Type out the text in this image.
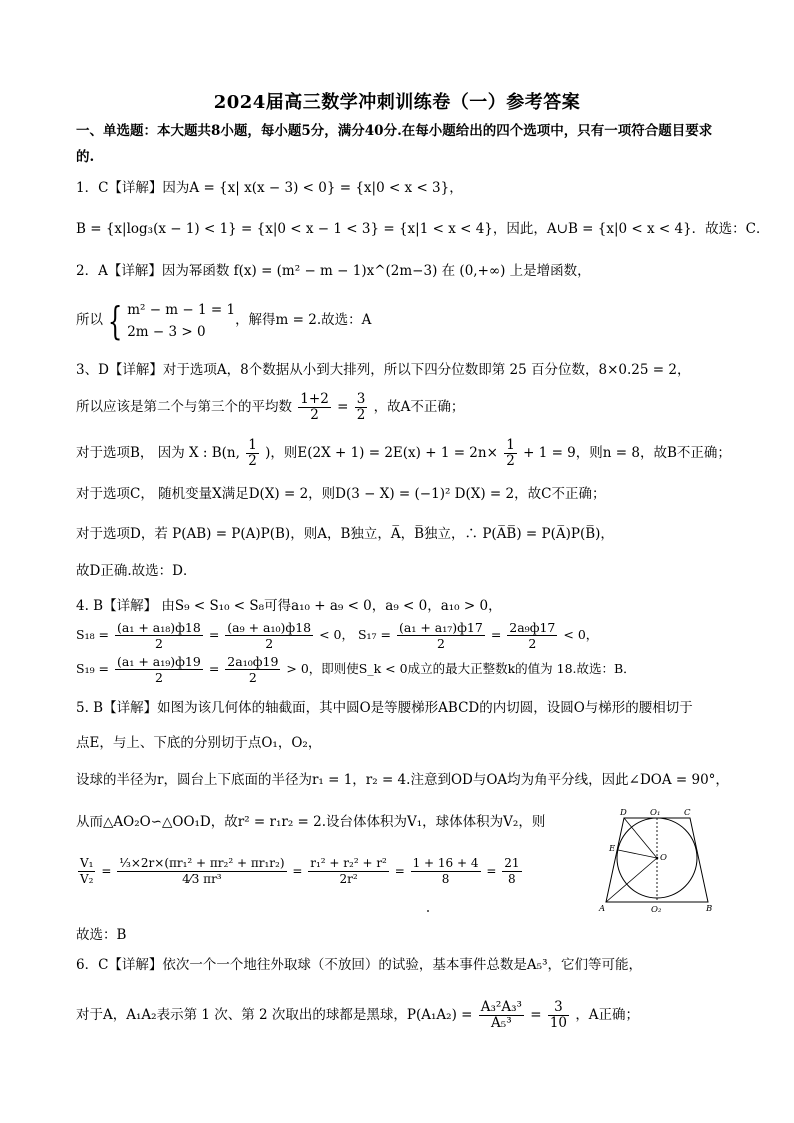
2024届高三数学冲刺训练卷（一）参考答案
一、单选题：本大题共8小题，每小题5分，满分40分.在每小题给出的四个选项中，只有一项符合题目要求的.
1．C【详解】因为A = {x| x(x − 3) < 0} = {x|0 < x < 3}，
B = {x|log₃(x − 1) < 1} = {x|0 < x − 1 < 3} = {x|1 < x < 4}，因此，A∪B = {x|0 < x < 4}．故选：C．
2．A【详解】因为幂函数 f(x) = (m² − m − 1)x^(2m−3) 在 (0,+∞) 上是增函数，
所以 { m² − m − 1 = 1
2m − 3 > 0
，解得m = 2.故选：A
3、D【详解】对于选项A，8个数据从小到大排列，所以下四分位数即第 25 百分位数，8×0.25 = 2，
所以应该是第二个与第三个的平均数 $\frac{1+2}{2} = \frac{3}{2}$ ，故A不正确；
对于选项B， 因为 X : B(n, $\frac{1}{2}$ )，则$E(2X + 1) = 2E(x) + 1 = 2n\times \frac{1}{2} + 1 = 9$，则n = 8，故B不正确；
对于选项C， 随机变量X满足D(X) = 2，则D(3 − X) = (−1)² D(X) = 2，故C不正确；
对于选项D，若 P(AB) = P(A)P(B)，则A，B独立，A̅，B̅独立，∴ P(A̅B̅) = P(A̅)P(B̅)，
故D正确.故选：D．
4. B【详解】 由S₉ < S₁₀ < S₈可得a₁₀ + a₉ < 0，a₉ < 0，a₁₀ > 0，
$S_{18} = \frac{\text{(a₁ + a₁₈)ф18}}{2} = \frac{\text{(a₉ + a₁₀)ф18}}{2} < 0$， $S_{17} = \frac{\text{(a₁ + a₁₇)ф17}}{2} = \frac{\text{2a₉ф17}}{2} < 0$，
$S_{19} = \frac{\text{(a₁ + a₁₉)ф19}}{2} = \frac{\text{2a₁₀ф19}}{2} > 0$，即则使S_k < 0成立的最大正整数k的值为 18.故选：B．
5. B【详解】如图为该几何体的轴截面，其中圆O是等腰梯形ABCD的内切圆，设圆O与梯形的腰相切于
点E，与上、下底的分别切于点O₁，O₂，
设球的半径为r，圆台上下底面的半径为r₁ = 1，r₂ = 4.注意到OD与OA均为角平分线，因此∠DOA = 90°，
从而△AO₂O∽△OO₁D，故r² = r₁r₂ = 2.设台体体积为V₁，球体体积为V₂，则
$\frac{\text{V₁}}{\text{V₂}} = \frac{\text{⅓×2r×(πr₁² + πr₂² + πr₁r₂)}}{\text{4⁄3 πr³}} = \frac{\text{r₁² + r₂² + r²}}{\text{2r²}} = \frac{1 + 16 + 4}{8} = \frac{21}{8}$
故选：B
D	O₁	C
E
O
A	O₂	B
6．C【详解】依次一个一个地往外取球（不放回）的试验，基本事件总数是A₅³，它们等可能，
对于A，A₁A₂表示第 1 次、第 2 次取出的球都是黑球，$P(A_1A_2) = \frac{\text{A₃²A₃³}}{\text{A₅³}} = \frac{3}{10}$ ，A正确；
